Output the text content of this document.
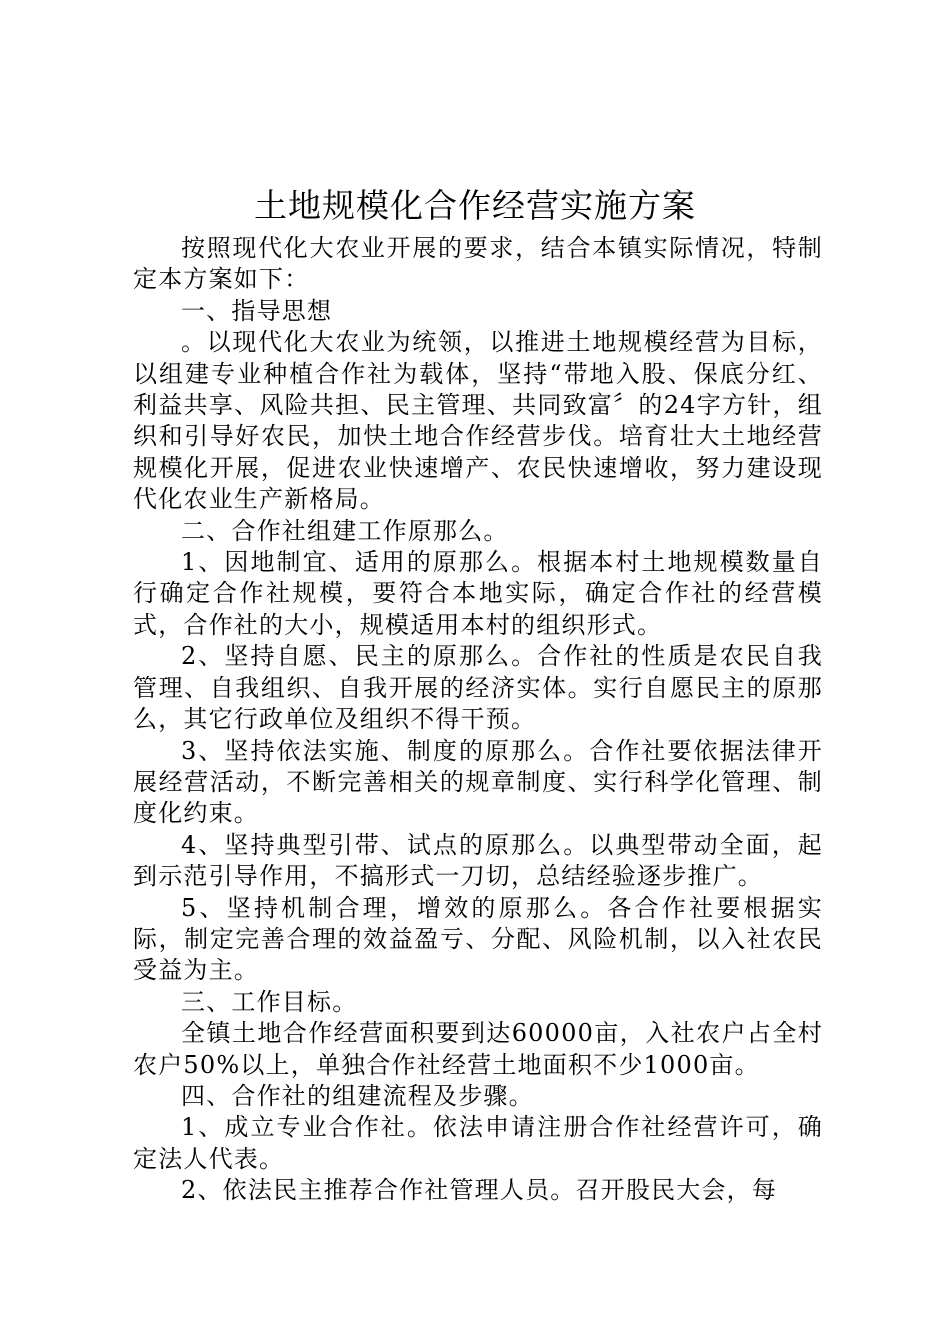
土地规模化合作经营实施方案

按照现代化大农业开展的要求，结合本镇实际情况，特制定本方案如下：

一、指导思想

。以现代化大农业为统领，以推进土地规模经营为目标，以组建专业种植合作社为载体，坚持“带地入股、保底分红、利益共享、风险共担、民主管理、共同致富〞的24字方针，组织和引导好农民，加快土地合作经营步伐。培育壮大土地经营规模化开展，促进农业快速增产、农民快速增收，努力建设现代化农业生产新格局。

二、合作社组建工作原那么。

1、因地制宜、适用的原那么。根据本村土地规模数量自行确定合作社规模，要符合本地实际，确定合作社的经营模式，合作社的大小，规模适用本村的组织形式。

2、坚持自愿、民主的原那么。合作社的性质是农民自我管理、自我组织、自我开展的经济实体。实行自愿民主的原那么，其它行政单位及组织不得干预。

3、坚持依法实施、制度的原那么。合作社要依据法律开展经营活动，不断完善相关的规章制度、实行科学化管理、制度化约束。

4、坚持典型引带、试点的原那么。以典型带动全面，起到示范引导作用，不搞形式一刀切，总结经验逐步推广。

5、坚持机制合理，增效的原那么。各合作社要根据实际，制定完善合理的效益盈亏、分配、风险机制，以入社农民受益为主。

三、工作目标。

全镇土地合作经营面积要到达60000亩，入社农户占全村农户50%以上，单独合作社经营土地面积不少1000亩。

四、合作社的组建流程及步骤。

1、成立专业合作社。依法申请注册合作社经营许可，确定法人代表。

2、依法民主推荐合作社管理人员。召开股民大会，每
